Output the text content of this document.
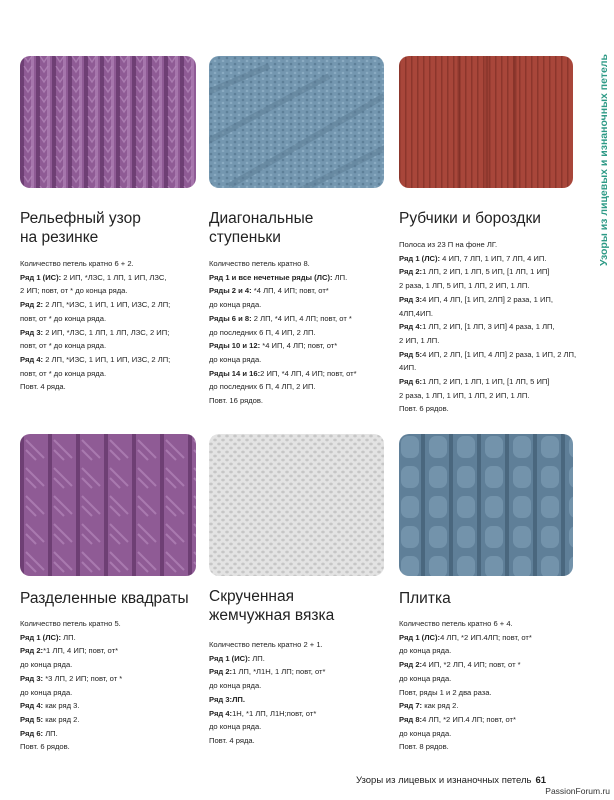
Узоры из лицевых и изнаночных петель
Рельефный узор
на резинке
Количество петель кратно 6 + 2.
Ряд 1 (ИС): 2 ИП, *ЛЗС, 1 ЛП, 1 ИП, ЛЗС,
2 ИП; повт, от * до конца ряда.
Ряд 2: 2 ЛП, *ИЗС, 1 ИП, 1 ИП, ИЗС, 2 ЛП;
повт, от * до конца ряда.
Ряд 3: 2 ИП, *ЛЗС, 1 ЛП, 1 ЛП, ЛЗС, 2 ИП;
повт, от * до конца ряда.
Ряд 4: 2 ЛП, *ИЗС, 1 ИП, 1 ИП, ИЗС, 2 ЛП;
повт, от * до конца ряда.
Повт. 4 ряда.
Диагональные
ступеньки
Количество петель кратно 8.
Ряд 1 и все нечетные ряды (ЛС): ЛП.
Ряды 2 и 4: *4 ЛП, 4 ИП; повт, от*
до конца ряда.
Ряды 6 и 8: 2 ЛП, *4 ИП, 4 ЛП; повт, от *
до последних 6 П, 4 ИП, 2 ЛП.
Ряды 10 и 12: *4 ИП, 4 ЛП; повт, от*
до конца ряда.
Ряды 14 и 16:2 ИП, *4 ЛП, 4 ИП; повт, от*
до последних 6 П, 4 ЛП, 2 ИП.
Повт. 16 рядов.
Рубчики и бороздки
Полоса из 23 П на фоне ЛГ.
Ряд 1 (ЛС): 4 ИП, 7 ЛП, 1 ИП, 7 ЛП, 4 ИП.
Ряд 2:1 ЛП, 2 ИП, 1 ЛП, 5 ИП, [1 ЛП, 1 ИП]
2 раза, 1 ЛП, 5 ИП, 1 ЛП, 2 ИП, 1 ЛП.
Ряд 3:4 ИП, 4 ЛП, [1 ИП, 2ЛП] 2 раза, 1 ИП,
4ЛП,4ИП.
Ряд 4:1 ЛП, 2 ИП, [1 ЛП, 3 ИП] 4 раза, 1 ЛП,
2 ИП, 1 ЛП.
Ряд 5:4 ИП, 2 ЛП, [1 ИП, 4 ЛП] 2 раза, 1 ИП, 2 ЛП,
4ИП.
Ряд 6:1 ЛП, 2 ИП, 1 ЛП, 1 ИП, [1 ЛП, 5 ИП]
2 раза, 1 ЛП, 1 ИП, 1 ЛП, 2 ИП, 1 ЛП.
Повт. 6 рядов.
Разделенные квадраты
Количество петель кратно 5.
Ряд 1 (ЛС): ЛП.
Ряд 2:*1 ЛП, 4 ИП; повт, от*
до конца ряда.
Ряд 3: *3 ЛП, 2 ИП; повт, от *
до конца ряда.
Ряд 4: как ряд 3.
Ряд 5: как ряд 2.
Ряд 6: ЛП.
Повт. 6 рядов.
Скрученная
жемчужная вязка
Количество петель кратно 2 + 1.
Ряд 1 (ИС): ЛП.
Ряд 2:1 ЛП, *Л1Н, 1 ЛП; повт, от*
до конца ряда.
Ряд 3:ЛП.
Ряд 4:1Н, *1 ЛП, Л1Н;повт, от*
до конца ряда.
Повт. 4 ряда.
Плитка
Количество петель кратно 6 + 4.
Ряд 1 (ЛС):4 ЛП, *2 ИП.4ЛП; повт, от*
до конца ряда.
Ряд 2:4 ИП, *2 ЛП, 4 ИП; повт, от *
до конца ряда.
Повт, ряды 1 и 2 два раза.
Ряд 7: как ряд 2.
Ряд 8:4 ЛП, *2 ИП.4 ЛП; повт, от*
до конца ряда.
Повт. 8 рядов.
Узоры из лицевых и изнаночных петель 61
PassionForum.ru
